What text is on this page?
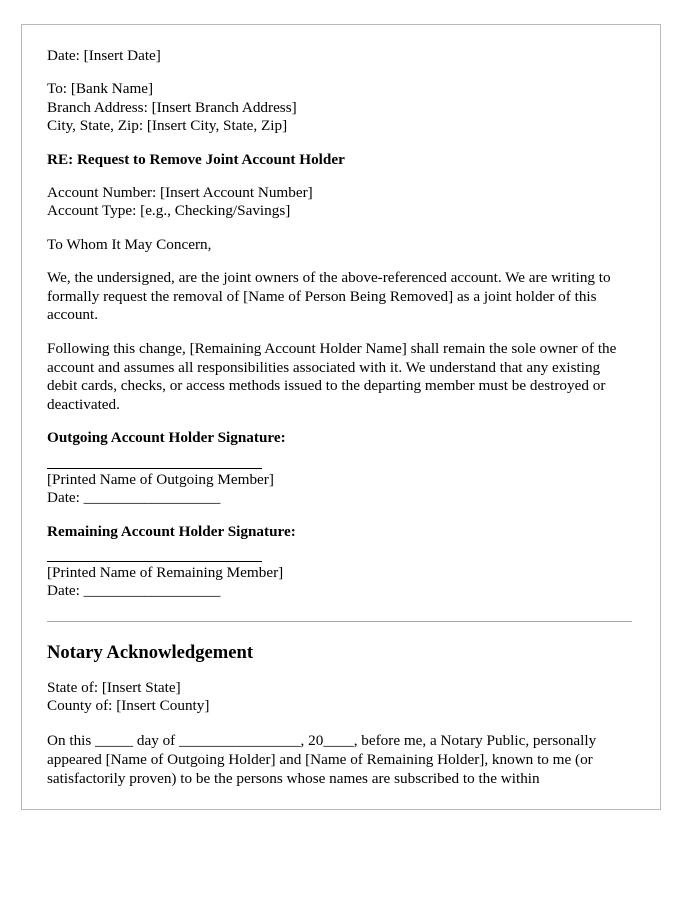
Date: [Insert Date]

To: [Bank Name]

Branch Address: [Insert Branch Address]

City, State, Zip: [Insert City, State, Zip]

RE: Request to Remove Joint Account Holder

Account Number: [Insert Account Number]

Account Type: [e.g., Checking/Savings]

To Whom It May Concern,

We, the undersigned, are the joint owners of the above-referenced account. We are writing to formally request the removal of [Name of Person Being Removed] as a joint holder of this account.

Following this change, [Remaining Account Holder Name] shall remain the sole owner of the account and assumes all responsibilities associated with it. We understand that any existing debit cards, checks, or access methods issued to the departing member must be destroyed or deactivated.

Outgoing Account Holder Signature:

[Printed Name of Outgoing Member]

Date: __________________

Remaining Account Holder Signature:

[Printed Name of Remaining Member]

Date: __________________

Notary Acknowledgement

State of: [Insert State]

County of: [Insert County]

On this _____ day of ________________, 20____, before me, a Notary Public, personally appeared [Name of Outgoing Holder] and [Name of Remaining Holder], known to me (or satisfactorily proven) to be the persons whose names are subscribed to the within
